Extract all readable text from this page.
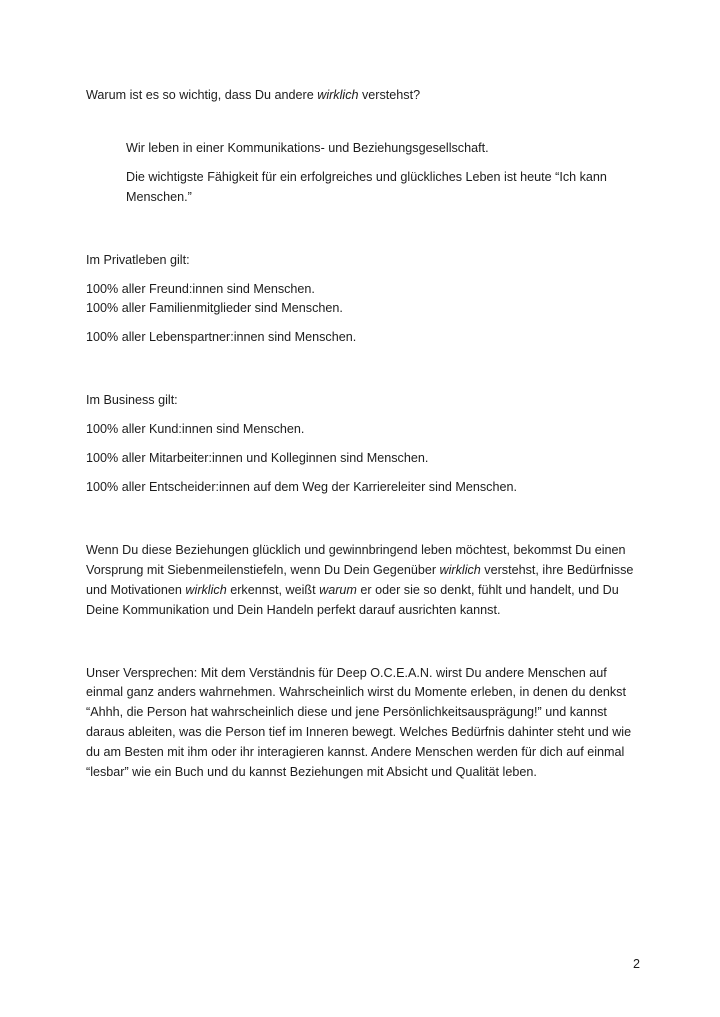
Warum ist es so wichtig, dass Du andere wirklich verstehst?

Wir leben in einer Kommunikations- und Beziehungsgesellschaft.

Die wichtigste Fähigkeit für ein erfolgreiches und glückliches Leben ist heute “Ich kann Menschen.”

Im Privatleben gilt:

100% aller Freund:innen sind Menschen.

100% aller Familienmitglieder sind Menschen.

100% aller Lebenspartner:innen sind Menschen.

Im Business gilt:

100% aller Kund:innen sind Menschen.

100% aller Mitarbeiter:innen und Kolleginnen sind Menschen.

100% aller Entscheider:innen auf dem Weg der Karriereleiter sind Menschen.

Wenn Du diese Beziehungen glücklich und gewinnbringend leben möchtest, bekommst Du einen Vorsprung mit Siebenmeilenstiefeln, wenn Du Dein Gegenüber wirklich verstehst, ihre Bedürfnisse und Motivationen wirklich erkennst, weißt warum er oder sie so denkt, fühlt und handelt, und Du Deine Kommunikation und Dein Handeln perfekt darauf ausrichten kannst.

Unser Versprechen: Mit dem Verständnis für Deep O.C.E.A.N. wirst Du andere Menschen auf einmal ganz anders wahrnehmen. Wahrscheinlich wirst du Momente erleben, in denen du denkst “Ahhh, die Person hat wahrscheinlich diese und jene Persönlichkeitsausprägung!” und kannst daraus ableiten, was die Person tief im Inneren bewegt. Welches Bedürfnis dahinter steht und wie du am Besten mit ihm oder ihr interagieren kannst. Andere Menschen werden für dich auf einmal “lesbar” wie ein Buch und du kannst Beziehungen mit Absicht und Qualität leben.

2
